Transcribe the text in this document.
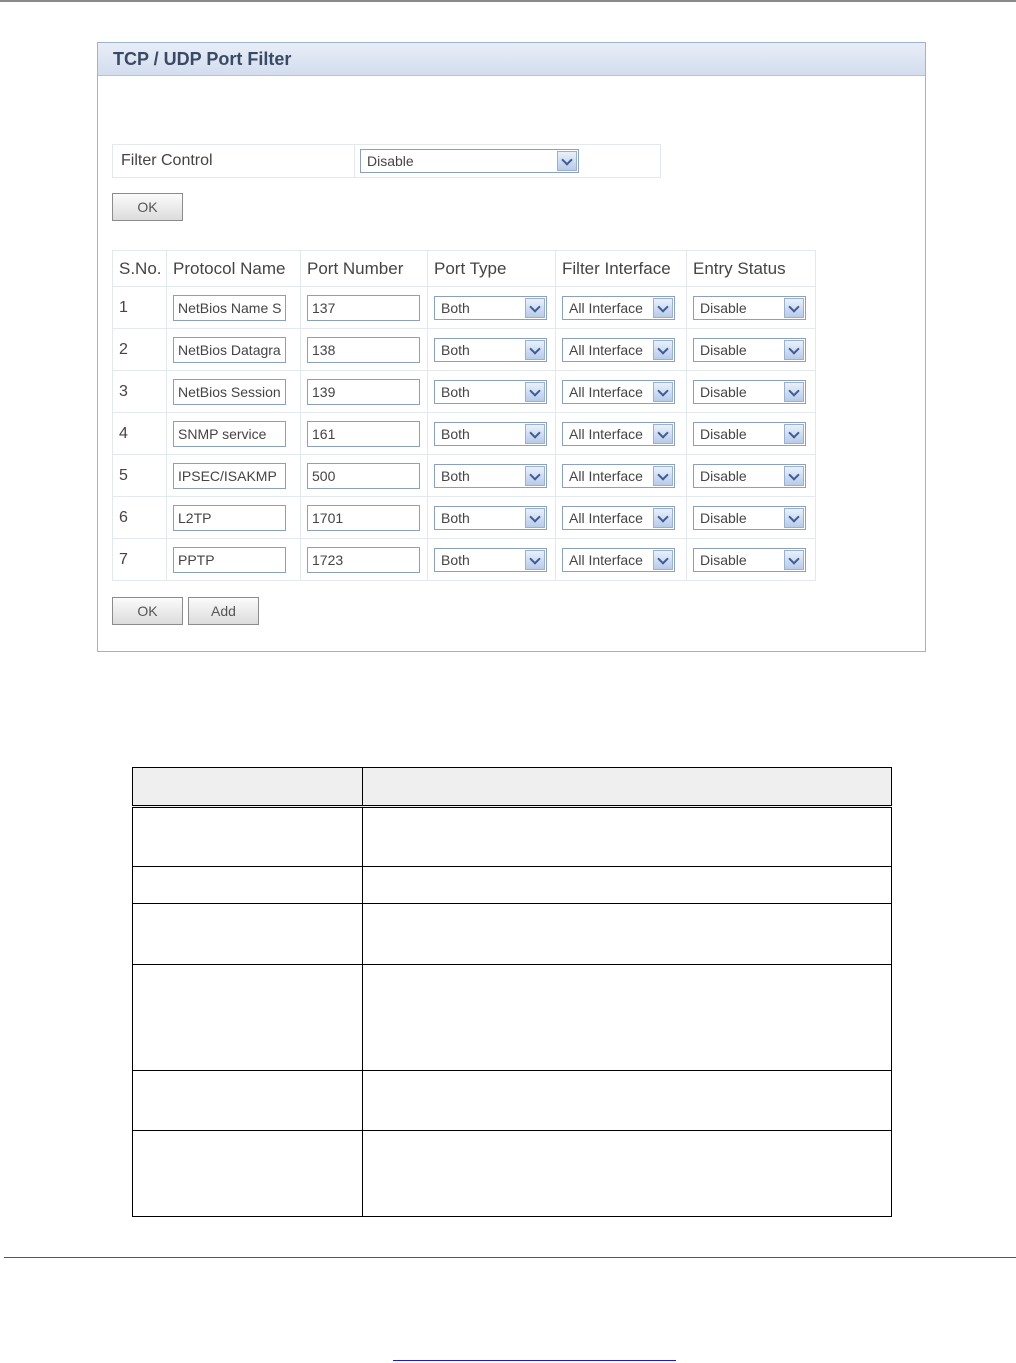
TCP / UDP Port Filter
Filter Control	Disable
OK
S.No.	Protocol Name	Port Number	Port Type	Filter Interface	Entry Status
1	NetBios Name S	137	Both	All Interface	Disable

2	NetBios Datagra	138	Both	All Interface	Disable

3	NetBios Session	139	Both	All Interface	Disable

4	SNMP service	161	Both	All Interface	Disable

5	IPSEC/ISAKMP	500	Both	All Interface	Disable

6	L2TP	1701	Both	All Interface	Disable

7	PPTP	1723	Both	All Interface	Disable
OK	Add
